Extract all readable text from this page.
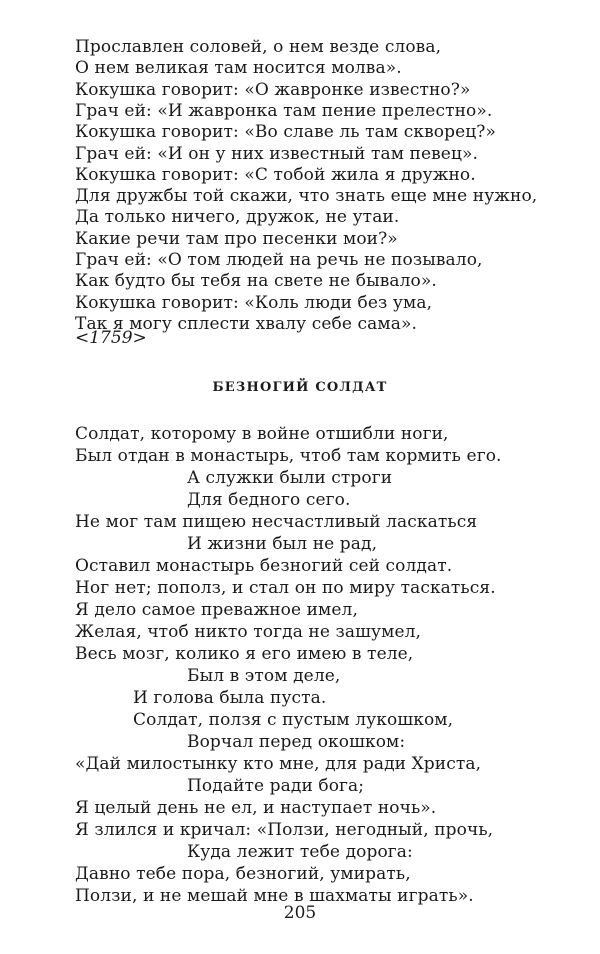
Прославлен соловей, о нем везде слова,
О нем великая там носится молва».
Кокушка говорит: «О жавронке известно?»
Грач ей: «И жавронка там пение прелестно».
Кокушка говорит: «Во славе ль там скворец?»
Грач ей: «И он у них известный там певец».
Кокушка говорит: «С тобой жила я дружно.
Для дружбы той скажи, что знать еще мне нужно,
Да только ничего, дружок, не утаи.
Какие речи там про песенки мои?»
Грач ей: «О том людей на речь не позывало,
Как будто бы тебя на свете не бывало».
Кокушка говорит: «Коль люди без ума,
Так я могу сплести хвалу себе сама».
<1759>
БЕЗНОГИЙ СОЛДАТ
Солдат, которому в войне отшибли ноги,
Был отдан в монастырь, чтоб там кормить его.
А служки были строги
Для бедного сего.
Не мог там пищею несчастливый ласкаться
И жизни был не рад,
Оставил монастырь безногий сей солдат.
Ног нет; пополз, и стал он по миру таскаться.
Я дело самое преважное имел,
Желая, чтоб никто тогда не зашумел,
Весь мозг, колико я его имею в теле,
Был в этом деле,
И голова была пуста.
Солдат, ползя с пустым лукошком,
Ворчал перед окошком:
«Дай милостынку кто мне, для ради Христа,
Подайте ради бога;
Я целый день не ел, и наступает ночь».
Я злился и кричал: «Ползи, негодный, прочь,
Куда лежит тебе дорога:
Давно тебе пора, безногий, умирать,
Ползи, и не мешай мне в шахматы играть».
205
